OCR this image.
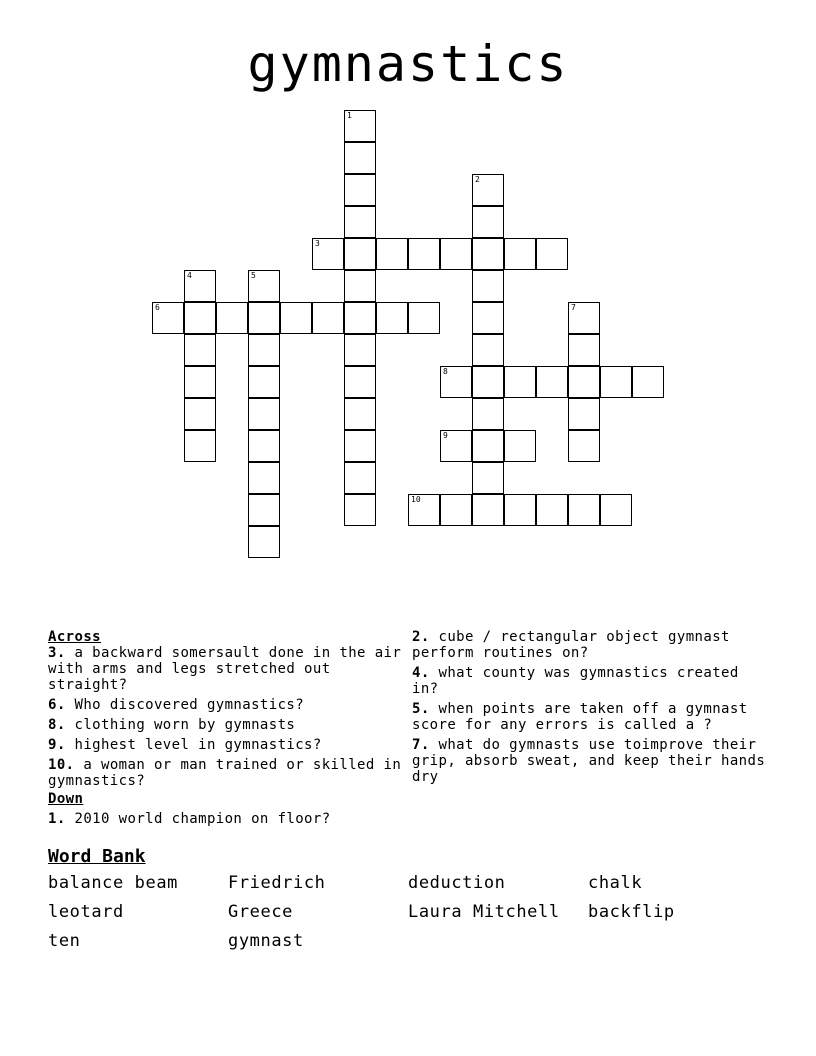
gymnastics
1
2
3
4	5
6	7
8
9
10
Across
3. a backward somersault done in the air with arms and legs stretched out straight?
6. Who discovered gymnastics?
8. clothing worn by gymnasts
9. highest level in gymnastics?
10. a woman or man trained or skilled in gymnastics?
Down
1. 2010 world champion on floor?
2. cube / rectangular object gymnast perform routines on?
4. what county was gymnastics created in?
5. when points are taken off a gymnast score for any errors is called a ?
7. what do gymnasts use toimprove their grip, absorb sweat, and keep their hands dry
Word Bank
balance beam	Friedrich	deduction	chalk
leotard	Greece	Laura Mitchell	backflip
ten	gymnast
